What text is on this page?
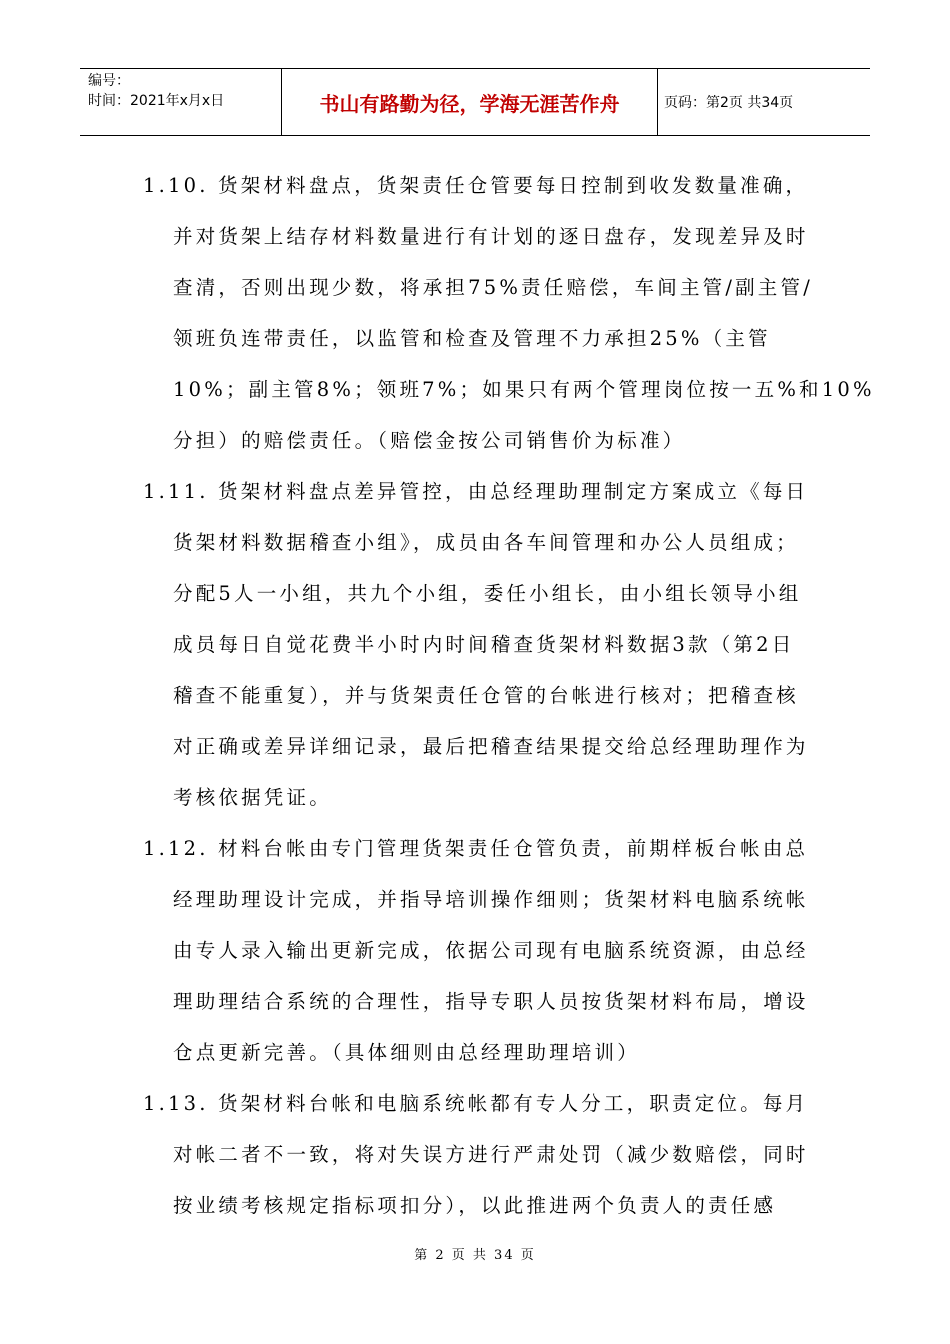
编号：
时间：2021年x月x日	书山有路勤为径，学海无涯苦作舟	页码：第2页 共34页
1.10. 货架材料盘点，货架责任仓管要每日控制到收发数量准确，
并对货架上结存材料数量进行有计划的逐日盘存，发现差异及时
查清，否则出现少数，将承担75%责任赔偿，车间主管/副主管/
领班负连带责任，以监管和检查及管理不力承担25%（主管
10%；副主管8%；领班7%；如果只有两个管理岗位按一五%和10%
分担）的赔偿责任。（赔偿金按公司销售价为标准）
1.11. 货架材料盘点差异管控，由总经理助理制定方案成立《每日
货架材料数据稽查小组》，成员由各车间管理和办公人员组成；
分配5人一小组，共九个小组，委任小组长，由小组长领导小组
成员每日自觉花费半小时内时间稽查货架材料数据3款（第2日
稽查不能重复），并与货架责任仓管的台帐进行核对；把稽查核
对正确或差异详细记录，最后把稽查结果提交给总经理助理作为
考核依据凭证。
1.12. 材料台帐由专门管理货架责任仓管负责，前期样板台帐由总
经理助理设计完成，并指导培训操作细则；货架材料电脑系统帐
由专人录入输出更新完成，依据公司现有电脑系统资源，由总经
理助理结合系统的合理性，指导专职人员按货架材料布局，增设
仓点更新完善。（具体细则由总经理助理培训）
1.13. 货架材料台帐和电脑系统帐都有专人分工，职责定位。每月
对帐二者不一致，将对失误方进行严肃处罚（减少数赔偿，同时
按业绩考核规定指标项扣分），以此推进两个负责人的责任感
第 2 页 共 34 页
